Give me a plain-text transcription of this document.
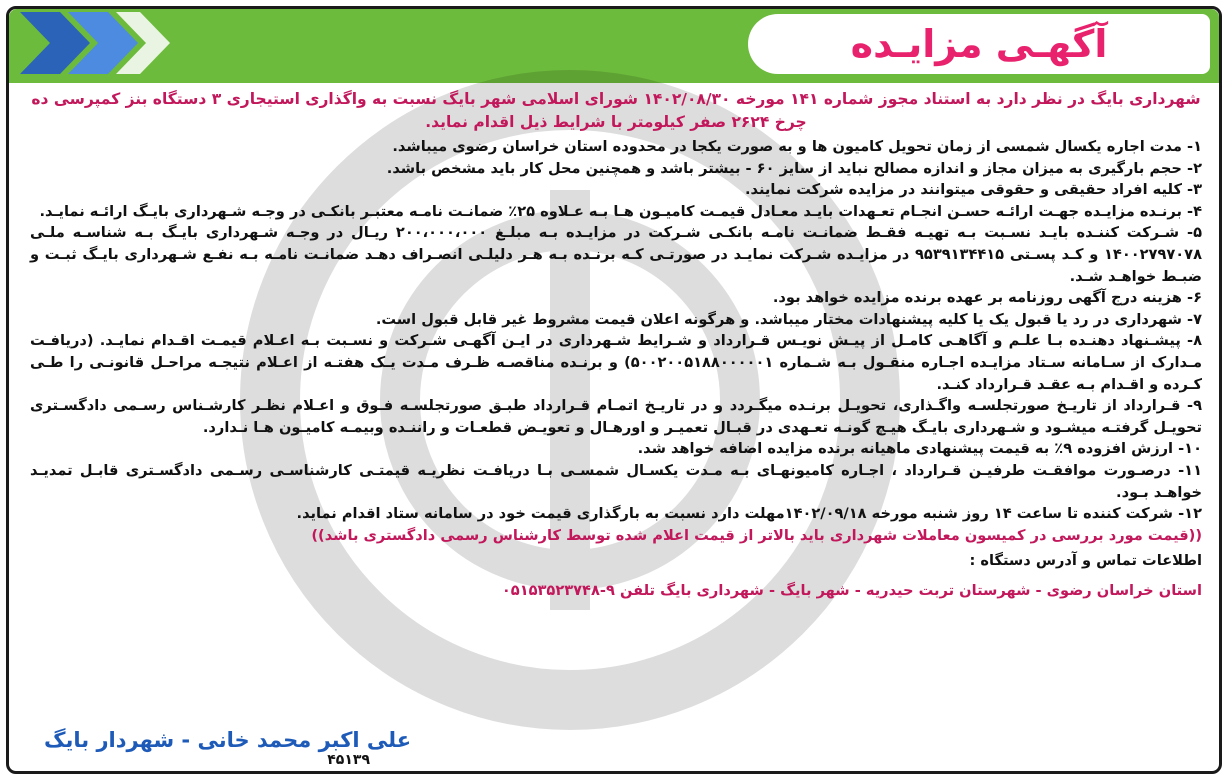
آگهـی مزایـده
شهرداری بایگ در نظر دارد به استناد مجوز شماره ۱۴۱ مورخه ۱۴۰۲/۰۸/۳۰ شورای اسلامی شهر بایگ نسبت به واگذاری استیجاری ۳ دستگاه بنز کمپرسی ده چرخ ۲۶۲۴ صفر کیلومتر با شرایط ذیل اقدام نماید.
۱- مدت اجاره یکسال شمسی از زمان تحویل کامیون ها و به صورت یکجا در محدوده استان خراسان رضوی میباشد.
۲- حجم بارگیری به میزان مجاز و اندازه مصالح نباید از سایز ۶۰ - بیشتر باشد و همچنین محل کار باید مشخص باشد.
۳- کلیه افراد حقیقی و حقوقی میتوانند در مزایده شرکت نمایند.
۴- برنـده مزایـده جهـت ارائـه حسـن انجـام تعـهدات بایـد معـادل قیمـت کامیـون هـا بـه عـلاوه ۲۵٪ ضمانـت نامـه معتبـر بانکـی در وجـه شـهرداری بایـگ ارائـه نمایـد.
۵- شـرکت کننـده بایـد نسـبت بـه تهیـه فقـط ضمانـت نامـه بانکـی شـرکت در مزایـده بـه مبلـغ ۲۰۰،۰۰۰،۰۰۰ ریـال در وجـه شـهرداری بایـگ بـه شناسـه ملـی ۱۴۰۰۲۷۹۷۰۷۸ و کـد پسـتی ۹۵۳۹۱۳۴۴۱۵ در مزایـده شـرکت نمایـد در صورتـی کـه برنـده بـه هـر دلیلـی انصـراف دهـد ضمانـت نامـه بـه نفـع شـهرداری بایـگ ثبـت و ضبـط خواهـد شـد.
۶- هزینه درج آگهی روزنامه بر عهده برنده مزایده خواهد بود.
۷- شهرداری در رد یا قبول یک یا کلیه پیشنهادات مختار میباشد. و هرگونه اعلان قیمت مشروط غیر قابل قبول است.
۸- پیشـنهاد دهنـده بـا علـم و آگاهـی کامـل از پیـش نویـس قـرارداد و شـرایط شـهرداری در ایـن آگهـی شـرکت و نسـبت بـه اعـلام قیمـت اقـدام نمایـد. (دریافـت مـدارک از سـامانه سـتاد مزایـده اجـاره منقـول بـه شـماره ۵۰۰۲۰۰۵۱۸۸۰۰۰۰۰۱) و برنـده مناقصـه ظـرف مـدت یـک هفتـه از اعـلام نتیجـه مراحـل قانونـی را طـی کـرده و اقـدام بـه عقـد قـرارداد کنـد.
۹- قـرارداد از تاریـخ صورتجلسـه واگـذاری، تحویـل برنـده میگـردد و در تاریـخ اتمـام قـرارداد طبـق صورتجلسـه فـوق و اعـلام نظـر کارشـناس رسـمی دادگسـتری تحویـل گرفتـه میشـود و شـهرداری بایـگ هیـچ گونـه تعـهدی در قبـال تعمیـر و اورهـال و تعویـض قطعـات و راننـده وبیمـه کامیـون هـا نـدارد.
۱۰- ارزش افزوده ۹٪ به قیمت پیشنهادی ماهیانه برنده مزایده اضافه خواهد شد.
۱۱- درصـورت موافقـت طرفیـن قـرارداد ، اجـاره کامیونهـای بـه مـدت یکسـال شمسـی بـا دریافـت نظریـه قیمتـی کارشناسـی رسـمی دادگسـتری قابـل تمدیـد خواهـد بـود.
۱۲- شرکت کننده تا ساعت ۱۴ روز شنبه مورخه ۱۴۰۲/۰۹/۱۸مهلت دارد نسبت به بارگذاری قیمت خود در سامانه ستاد اقدام نماید.
((قیمت مورد بررسی در کمیسون معاملات شهرداری باید بالاتر از قیمت اعلام شده توسط کارشناس رسمی دادگستری باشد))
اطلاعات تماس و آدرس دستگاه :
استان خراسان رضوی - شهرستان تربت حیدریه - شهر بایگ - شهرداری بایگ تلفن ۹-۰۵۱۵۳۵۲۳۷۴۸
علی اکبر محمد خانی - شهردار بایگ
۴۵۱۳۹
